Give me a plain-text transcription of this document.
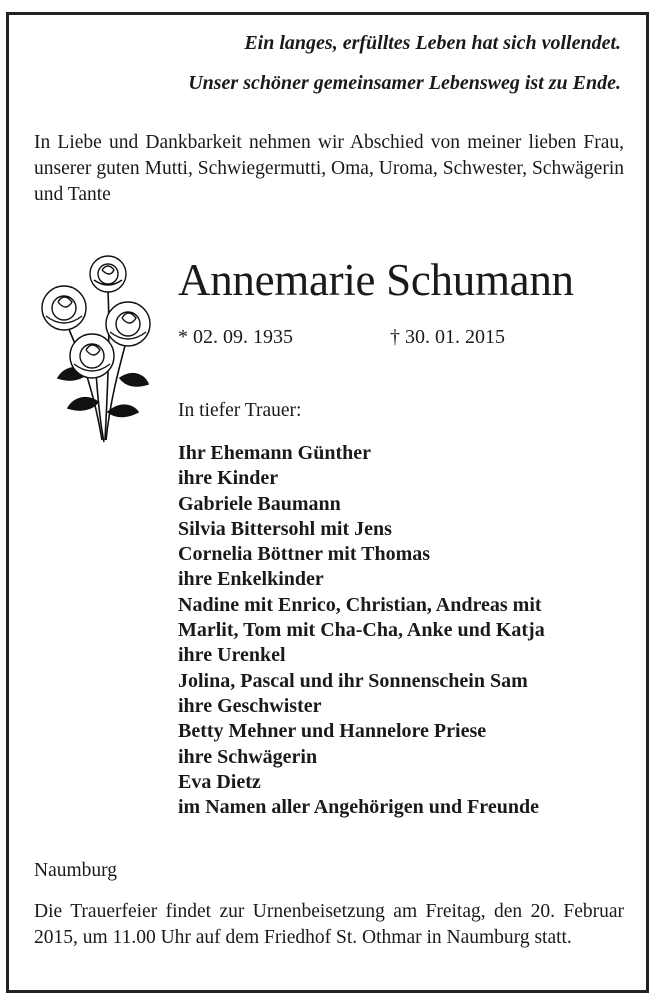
Ein langes, erfülltes Leben hat sich vollendet.
Unser schöner gemeinsamer Lebensweg ist zu Ende.
In Liebe und Dankbarkeit nehmen wir Abschied von meiner lieben Frau, unserer guten Mutti, Schwiegermutti, Oma, Uroma, Schwester, Schwägerin und Tante
Annemarie Schumann
* 02. 09. 1935	† 30. 01. 2015
In tiefer Trauer:
Ihr Ehemann Günther
ihre Kinder
Gabriele Baumann
Silvia Bittersohl mit Jens
Cornelia Böttner mit Thomas
ihre Enkelkinder
Nadine mit Enrico, Christian, Andreas mit
Marlit, Tom mit Cha-Cha, Anke und Katja
ihre Urenkel
Jolina, Pascal und ihr Sonnenschein Sam
ihre Geschwister
Betty Mehner und Hannelore Priese
ihre Schwägerin
Eva Dietz
im Namen aller Angehörigen und Freunde
Naumburg
Die Trauerfeier findet zur Urnenbeisetzung am Freitag, den 20. Februar 2015, um 11.00 Uhr auf dem Friedhof St. Othmar in Naumburg statt.
